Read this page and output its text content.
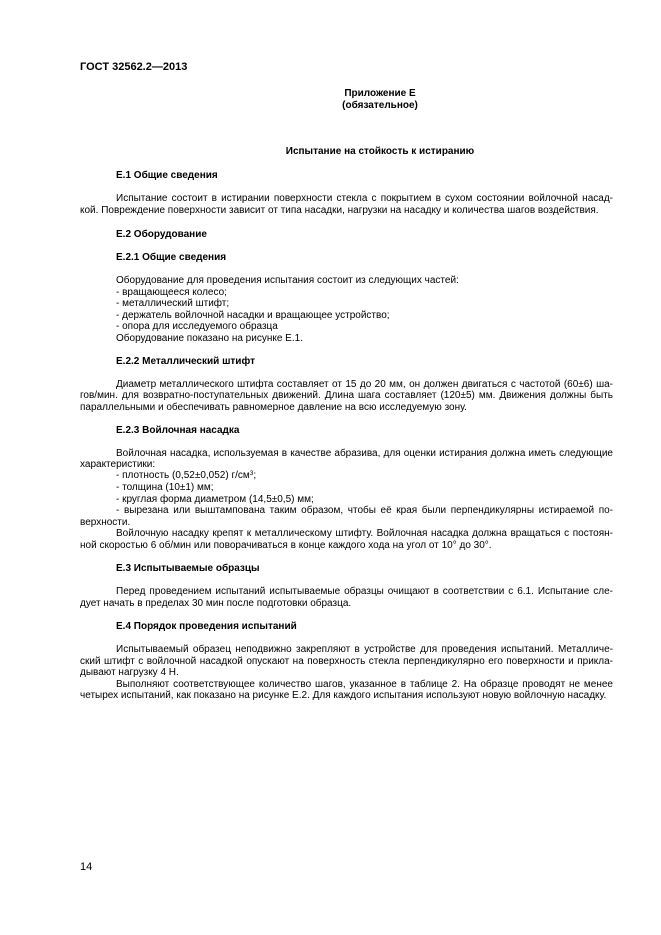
ГОСТ 32562.2—2013
Приложение Е
(обязательное)
Испытание на стойкость к истиранию
Е.1 Общие сведения
Испытание состоит в истирании поверхности стекла с покрытием в сухом состоянии войлочной насад-
кой. Повреждение поверхности зависит от типа насадки, нагрузки на насадку и количества шагов воздействия.
Е.2 Оборудование
Е.2.1 Общие сведения
Оборудование для проведения испытания состоит из следующих частей:
- вращающееся колесо;
- металлический штифт;
- держатель войлочной насадки и вращающее устройство;
- опора для исследуемого образца
Оборудование показано на рисунке Е.1.
Е.2.2 Металлический штифт
Диаметр металлического штифта составляет от 15 до 20 мм, он должен двигаться с частотой (60±6) ша-
гов/мин. для возвратно-поступательных движений. Длина шага составляет (120±5) мм. Движения должны быть
параллельными и обеспечивать равномерное давление на всю исследуемую зону.
Е.2.3 Войлочная насадка
Войлочная насадка, используемая в качестве абразива, для оценки истирания должна иметь следующие
характеристики:
- плотность (0,52±0,052) $г/см^3$;
- толщина (10±1) мм;
- круглая форма диаметром (14,5±0,5) мм;
- вырезана или выштампована таким образом, чтобы её края были перпендикулярны истираемой по-
верхности.
Войлочную насадку крепят к металлическому штифту. Войлочная насадка должна вращаться с постоян-
ной скоростью 6 об/мин или поворачиваться в конце каждого хода на угол от 10° до 30°.
Е.3 Испытываемые образцы
Перед проведением испытаний испытываемые образцы очищают в соответствии с 6.1. Испытание сле-
дует начать в пределах 30 мин после подготовки образца.
Е.4 Порядок проведения испытаний
Испытываемый образец неподвижно закрепляют в устройстве для проведения испытаний. Металличе-
ский штифт с войлочной насадкой опускают на поверхность стекла перпендикулярно его поверхности и прикла-
дывают нагрузку 4 Н.
Выполняют соответствующее количество шагов, указанное в таблице 2. На образце проводят не менее
четырех испытаний, как показано на рисунке Е.2. Для каждого испытания используют новую войлочную насадку.
14
